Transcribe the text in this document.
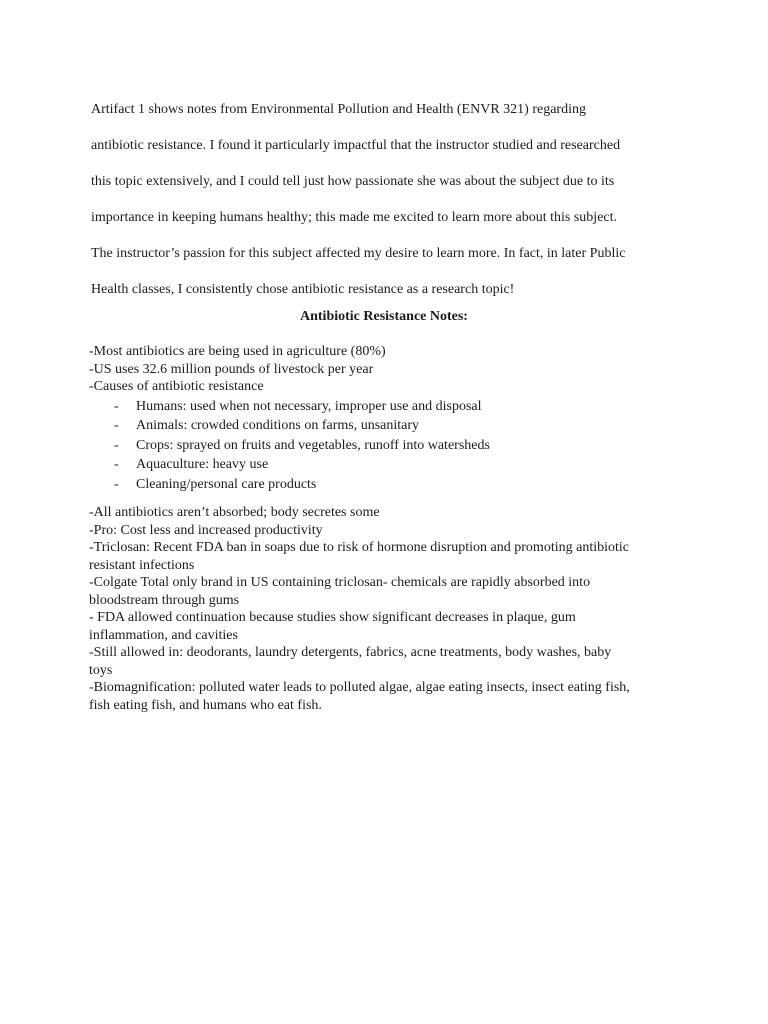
Artifact 1 shows notes from Environmental Pollution and Health (ENVR 321) regarding
antibiotic resistance. I found it particularly impactful that the instructor studied and researched
this topic extensively, and I could tell just how passionate she was about the subject due to its
importance in keeping humans healthy; this made me excited to learn more about this subject.
The instructor’s passion for this subject affected my desire to learn more. In fact, in later Public
Health classes, I consistently chose antibiotic resistance as a research topic!

Antibiotic Resistance Notes:
-Most antibiotics are being used in agriculture (80%)
-US uses 32.6 million pounds of livestock per year
-Causes of antibiotic resistance
- Humans: used when not necessary, improper use and disposal
- Animals: crowded conditions on farms, unsanitary
- Crops: sprayed on fruits and vegetables, runoff into watersheds
- Aquaculture: heavy use
- Cleaning/personal care products
-All antibiotics aren’t absorbed; body secretes some
-Pro: Cost less and increased productivity
-Triclosan: Recent FDA ban in soaps due to risk of hormone disruption and promoting antibiotic
resistant infections
-Colgate Total only brand in US containing triclosan- chemicals are rapidly absorbed into
bloodstream through gums
- FDA allowed continuation because studies show significant decreases in plaque, gum
inflammation, and cavities
-Still allowed in: deodorants, laundry detergents, fabrics, acne treatments, body washes, baby
toys
-Biomagnification: polluted water leads to polluted algae, algae eating insects, insect eating fish,
fish eating fish, and humans who eat fish.
